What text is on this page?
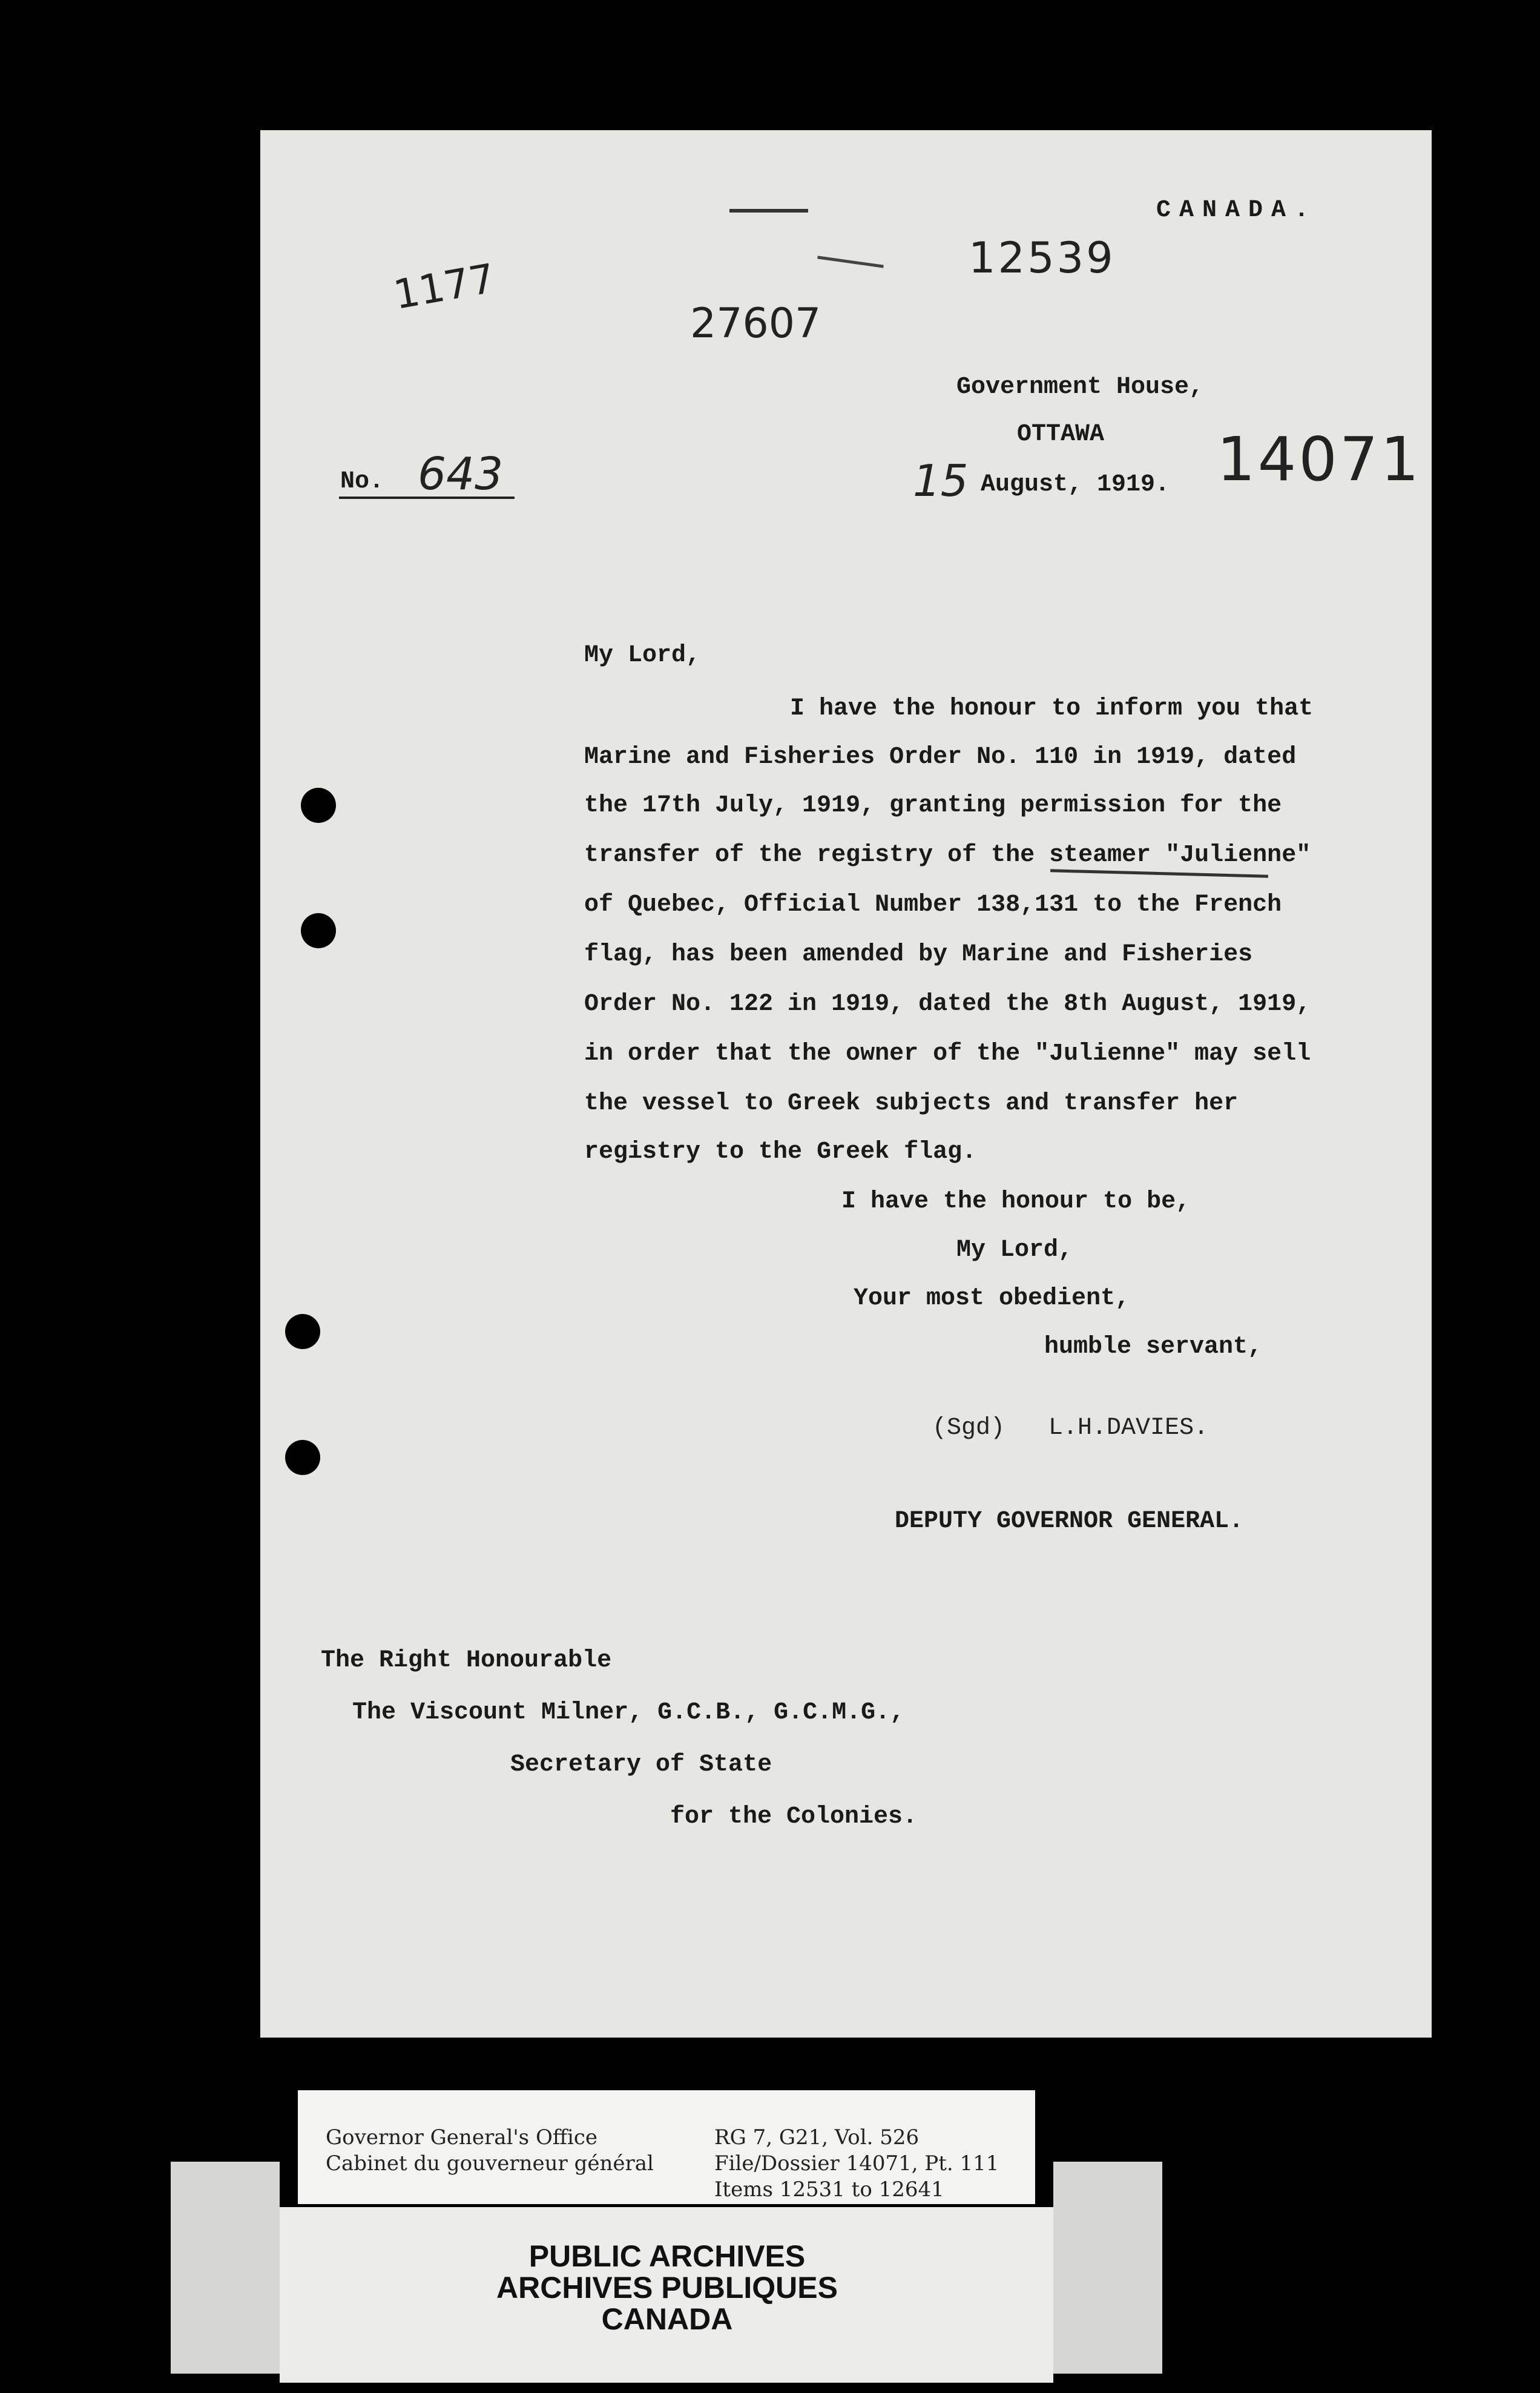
CANADA.
1177	12539
27607
Government House,
OTTAWA
No. 643	15 August, 1919. 14071
My Lord,
I have the honour to inform you that
Marine and Fisheries Order No. 110 in 1919, dated
the 17th July, 1919, granting permission for the
transfer of the registry of the steamer "Julienne"
of Quebec, Official Number 138,131 to the French
flag, has been amended by Marine and Fisheries
Order No. 122 in 1919, dated the 8th August, 1919,
in order that the owner of the "Julienne" may sell
the vessel to Greek subjects and transfer her
registry to the Greek flag.
I have the honour to be,
My Lord,
Your most obedient,
humble servant,
(Sgd)   L.H.DAVIES.
DEPUTY GOVERNOR GENERAL.
The Right Honourable
The Viscount Milner, G.C.B., G.C.M.G.,
Secretary of State
for the Colonies.
Governor General's Office
Cabinet du gouverneur général
RG 7, G21, Vol. 526
File/Dossier 14071, Pt. 111
Items 12531 to 12641
PUBLIC ARCHIVES
ARCHIVES PUBLIQUES
CANADA
